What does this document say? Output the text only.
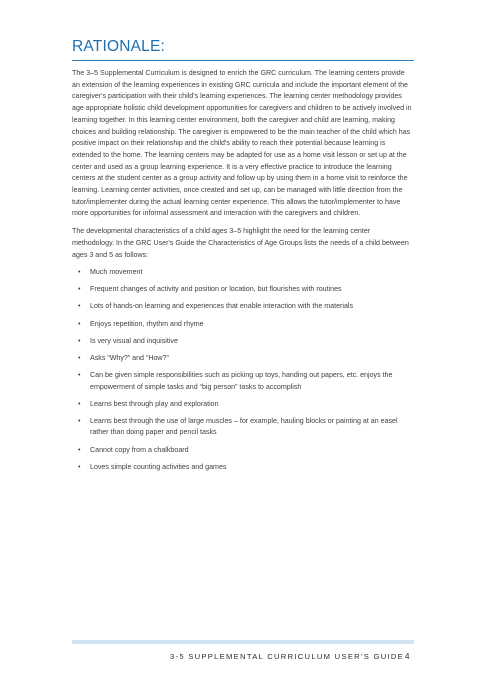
RATIONALE:

The 3–5 Supplemental Curriculum is designed to enrich the GRC curriculum. The learning centers provide an extension of the learning experiences in existing GRC curricula and include the important element of the caregiver's participation with their child's learning experiences. The learning center methodology provides age appropriate holistic child development opportunities for caregivers and children to be actively involved in learning together. In this learning center environment, both the caregiver and child are learning, making choices and building relationship. The caregiver is empowered to be the main teacher of the child which has positive impact on their relationship and the child's ability to reach their potential because learning is extended to the home. The learning centers may be adapted for use as a home visit lesson or set up at the center and used as a group learning experience. It is a very effective practice to introduce the learning centers at the student center as a group activity and follow up by using them in a home visit to reinforce the learning. Learning center activities, once created and set up, can be managed with little direction from the tutor/implementer during the actual learning center experience. This allows the tutor/implementer to have more opportunities for informal assessment and interaction with the caregivers and children.

The developmental characteristics of a child ages 3–5 highlight the need for the learning center methodology. In the GRC User's Guide the Characteristics of Age Groups lists the needs of a child between ages 3 and 5 as follows:

• Much movement
• Frequent changes of activity and position or location, but flourishes with routines
• Lots of hands-on learning and experiences that enable interaction with the materials
• Enjoys repetition, rhythm and rhyme
• Is very visual and inquisitive
• Asks “Why?” and “How?”
• Can be given simple responsibilities such as picking up toys, handing out papers, etc. enjoys the empowerment of simple tasks and “big person” tasks to accomplish
• Learns best through play and exploration
• Learns best through the use of large muscles – for example, hauling blocks or painting at an easel rather than doing paper and pencil tasks
• Cannot copy from a chalkboard
• Loves simple counting activities and games
3-5 SUPPLEMENTAL CURRICULUM USER'S GUIDE 4
